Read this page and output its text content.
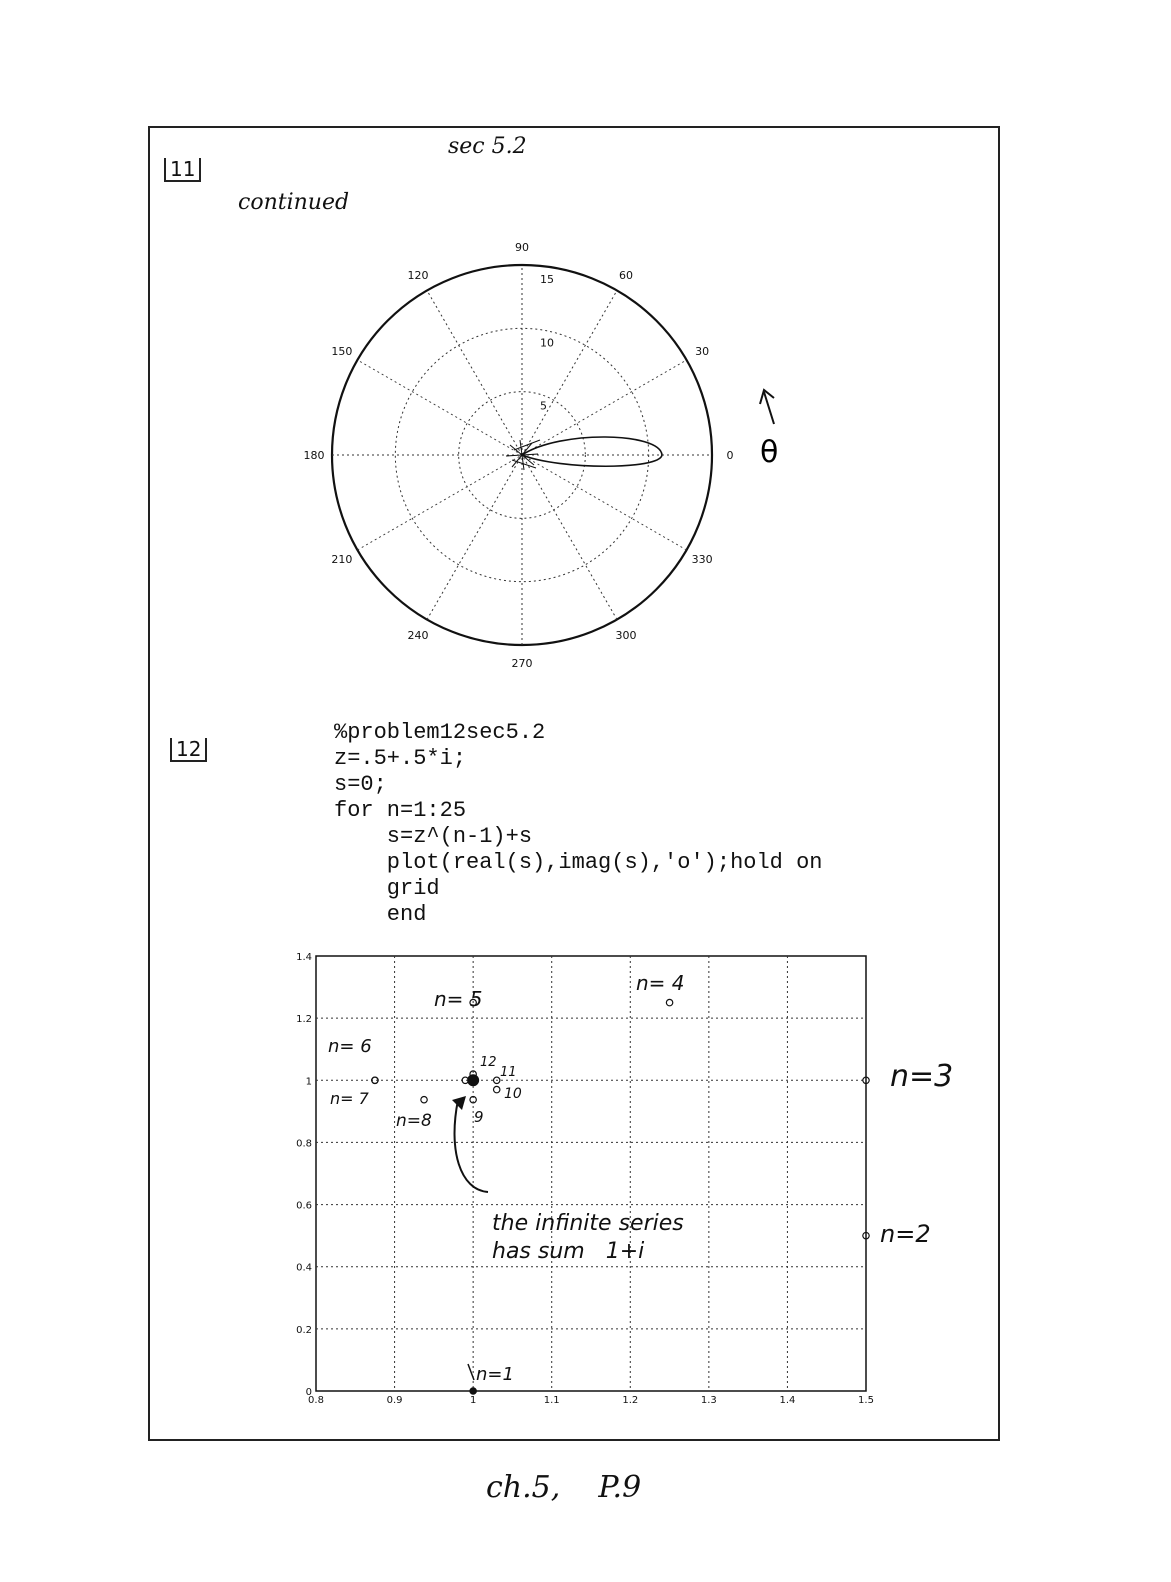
sec 5.2
11
continued
5
10
15
0
30
60
90
120
150
180
210
240
270
300
330
θ
12
%problem12sec5.2
z=.5+.5*i;
s=0;
for n=1:25
s=z^(n-1)+s
plot(real(s),imag(s),'o');hold on
grid
end
0.8	0.9	1	1.1	1.2	1.3	1.4	1.5
0
0.2
0.4
0.6
0.8
1
1.2
1.4
n=1
n=2
n=3
n= 4
n= 5
n= 6
n= 7
n=8	9
10
11
12
the infinite series
has sum   1+i
ch.5,    P.9
